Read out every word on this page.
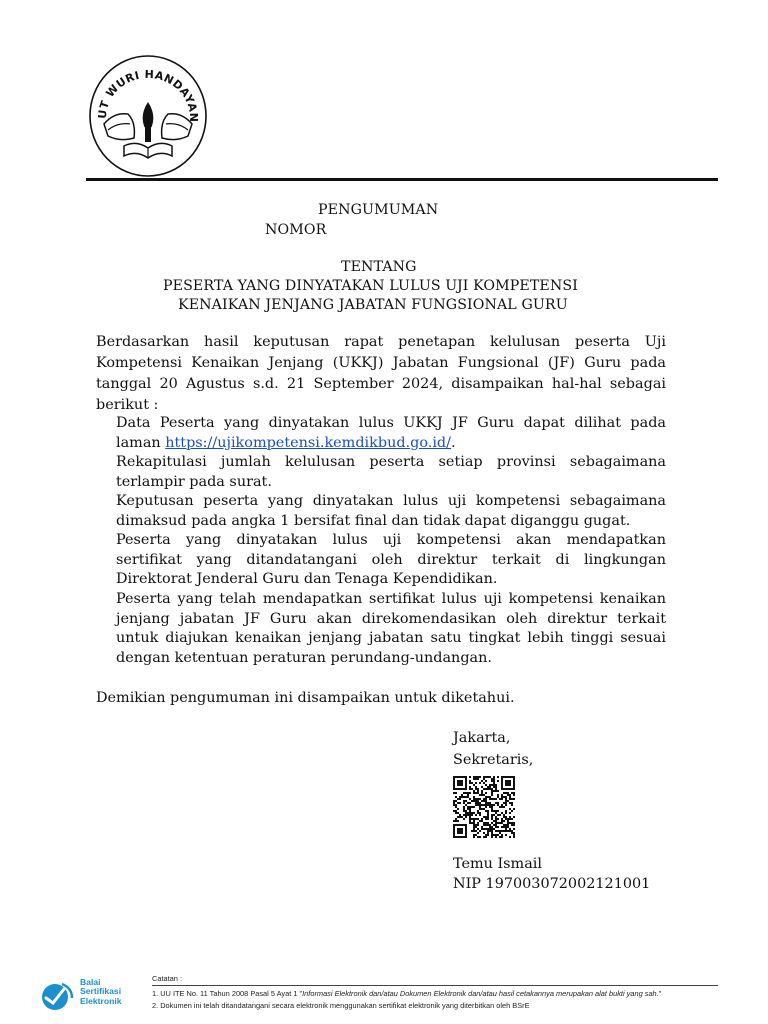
UT WURI HANDAYAN
PENGUMUMAN
NOMOR
TENTANG
PESERTA YANG DINYATAKAN LULUS UJI KOMPETENSI
KENAIKAN JENJANG JABATAN FUNGSIONAL GURU
Berdasarkan hasil keputusan rapat penetapan kelulusan peserta Uji
Kompetensi Kenaikan Jenjang (UKKJ) Jabatan Fungsional (JF) Guru pada
tanggal 20 Agustus s.d. 21 September 2024, disampaikan hal-hal sebagai
berikut :
Data Peserta yang dinyatakan lulus UKKJ JF Guru dapat dilihat pada
laman https://ujikompetensi.kemdikbud.go.id/.
Rekapitulasi jumlah kelulusan peserta setiap provinsi sebagaimana
terlampir pada surat.
Keputusan peserta yang dinyatakan lulus uji kompetensi sebagaimana
dimaksud pada angka 1 bersifat final dan tidak dapat diganggu gugat.
Peserta yang dinyatakan lulus uji kompetensi akan mendapatkan
sertifikat yang ditandatangani oleh direktur terkait di lingkungan
Direktorat Jenderal Guru dan Tenaga Kependidikan.
Peserta yang telah mendapatkan sertifikat lulus uji kompetensi kenaikan
jenjang jabatan JF Guru akan direkomendasikan oleh direktur terkait
untuk diajukan kenaikan jenjang jabatan satu tingkat lebih tinggi sesuai
dengan ketentuan peraturan perundang-undangan.
Demikian pengumuman ini disampaikan untuk diketahui.
Jakarta,
Sekretaris,
Temu Ismail
NIP 197003072002121001
Balai
Sertifikasi
Elektronik
Catatan :
1. UU ITE No. 11 Tahun 2008 Pasal 5 Ayat 1 "Informasi Elektronik dan/atau Dokumen Elektronik dan/atau hasil cetakannya merupakan alat bukti yang sah."
2. Dokumen ini telah ditandatangani secara elektronik menggunakan sertifikat elektronik yang diterbitkan oleh BSrE
